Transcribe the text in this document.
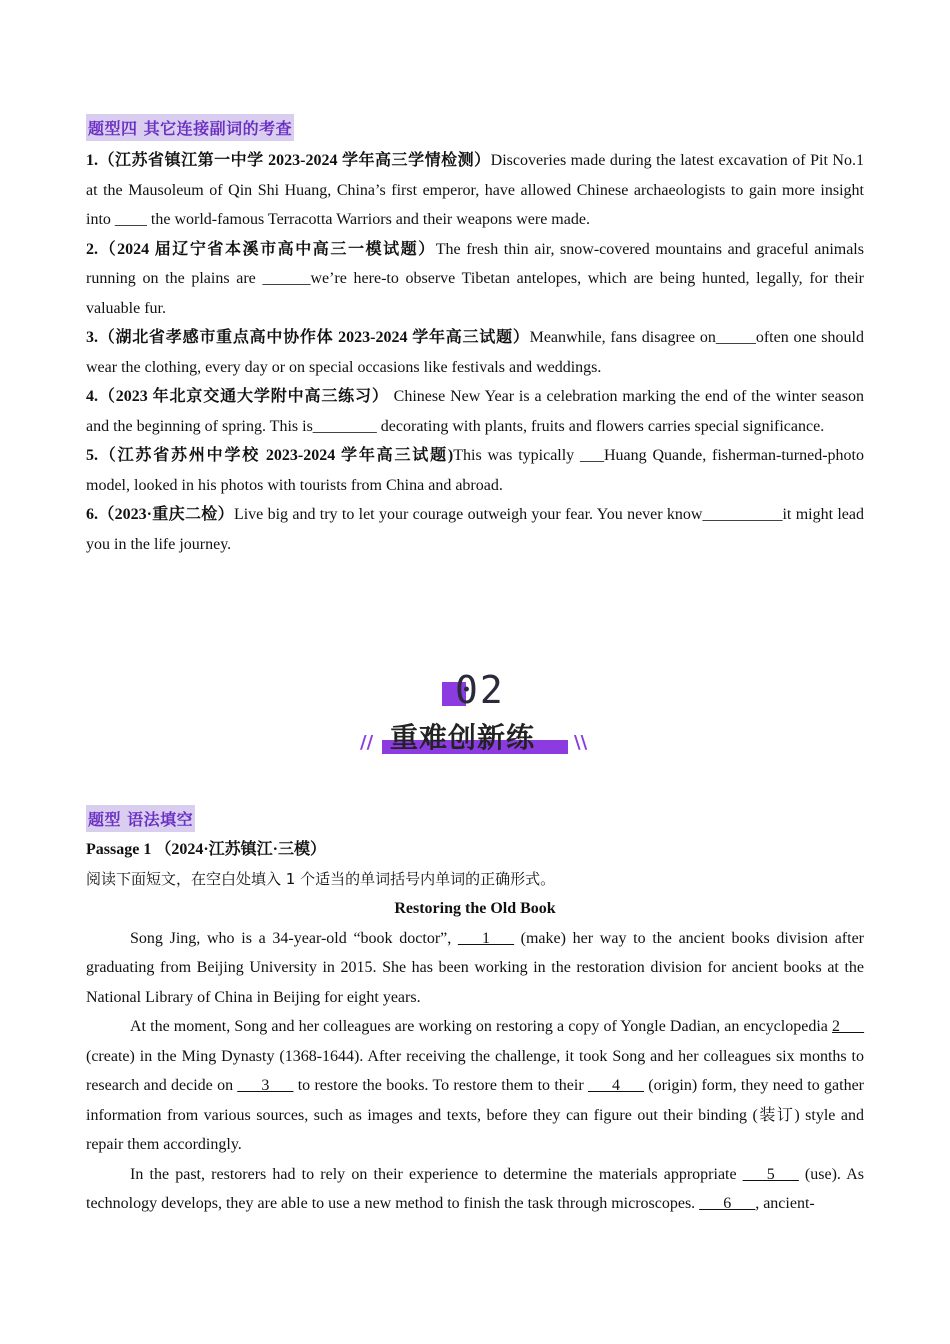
题型四 其它连接副词的考查

1.（江苏省镇江第一中学 2023-2024 学年高三学情检测）Discoveries made during the latest excavation of Pit No.1 at the Mausoleum of Qin Shi Huang, China’s first emperor, have allowed Chinese archaeologists to gain more insight into ____ the world-famous Terracotta Warriors and their weapons were made.

2.（2024 届辽宁省本溪市高中高三一模试题）The fresh thin air, snow-covered mountains and graceful animals running on the plains are ______we’re here-to observe Tibetan antelopes, which are being hunted, legally, for their valuable fur.

3.（湖北省孝感市重点高中协作体 2023-2024 学年高三试题）Meanwhile, fans disagree on_____often one should wear the clothing, every day or on special occasions like festivals and weddings.

4.（2023 年北京交通大学附中高三练习） Chinese New Year is a celebration marking the end of the winter season and the beginning of spring. This is________ decorating with plants, fruits and flowers carries special significance.

5.（江苏省苏州中学校 2023-2024 学年高三试题)This was typically ___Huang Quande, fisherman-turned-photo model, looked in his photos with tourists from China and abroad.

6.（2023·重庆二检）Live big and try to let your courage outweigh your fear. You never know__________it might lead you in the life journey.

02
重难创新练
//	\\
题型 语法填空

Passage 1 （2024·江苏镇江·三模）

阅读下面短文，在空白处填入 1 个适当的单词括号内单词的正确形式。

Restoring the Old Book

Song Jing, who is a 34-year-old “book doctor”, ___1___ (make) her way to the ancient books division after graduating from Beijing University in 2015. She has been working in the restoration division for ancient books at the National Library of China in Beijing for eight years.

At the moment, Song and her colleagues are working on restoring a copy of Yongle Dadian, an encyclopedia 2___ (create) in the Ming Dynasty (1368-1644). After receiving the challenge, it took Song and her colleagues six months to research and decide on ___3___ to restore the books. To restore them to their ___4___ (origin) form, they need to gather information from various sources, such as images and texts, before they can figure out their binding (装订) style and repair them accordingly.

In the past, restorers had to rely on their experience to determine the materials appropriate ___5___ (use). As technology develops, they are able to use a new method to finish the task through microscopes. ___6___, ancient-
